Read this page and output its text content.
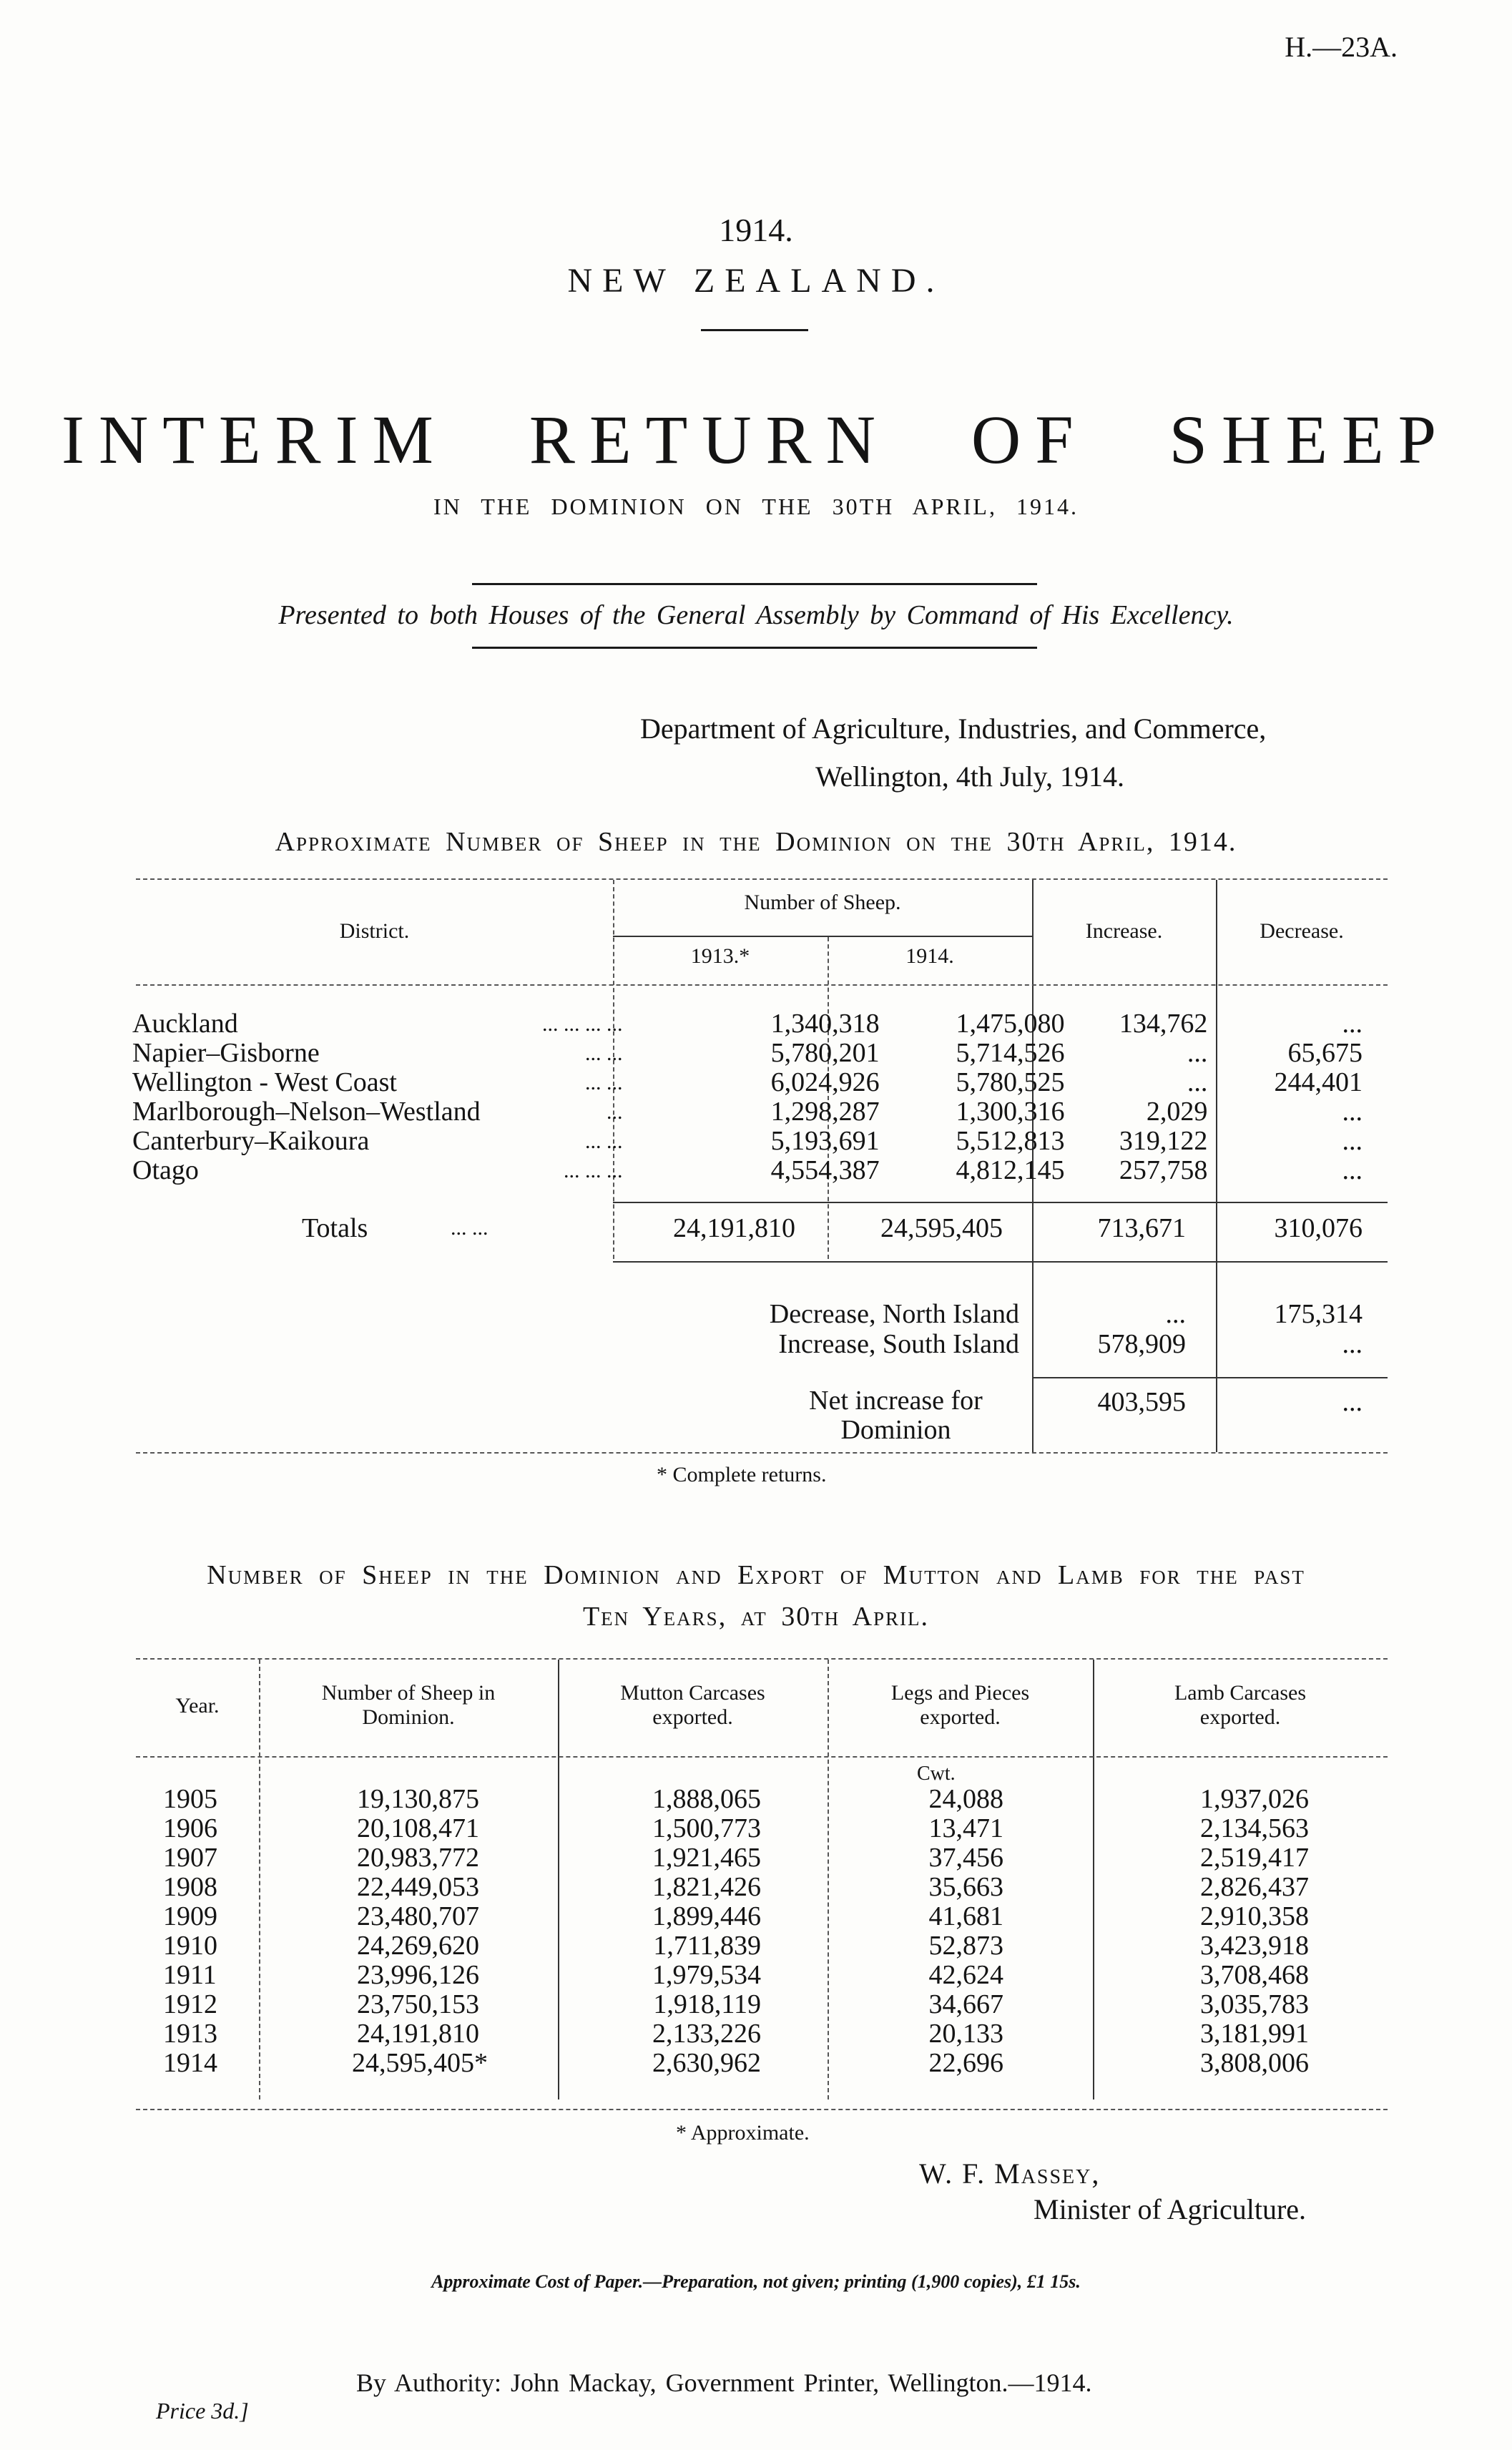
H.—23A.
1914.
NEW ZEALAND.
INTERIM RETURN OF SHEEP
IN THE DOMINION ON THE 30TH APRIL, 1914.
Presented to both Houses of the General Assembly by Command of His Excellency.
Department of Agriculture, Industries, and Commerce,
Wellington, 4th July, 1914.
Approximate Number of Sheep in the Dominion on the 30th April, 1914.
District.
Number of Sheep.
1913.*	1914.
Increase.	Decrease.
Auckland	... ... ... ...	1,340,318	1,475,080	134,762	...
Napier–Gisborne	... ...	5,780,201	5,714,526	...	65,675
Wellington - West Coast	... ...	6,024,926	5,780,525	...	244,401
Marlborough–Nelson–Westland	...	1,298,287	1,300,316	2,029	...
Canterbury–Kaikoura	... ...	5,193,691	5,512,813	319,122	...
Otago	... ... ...	4,554,387	4,812,145	257,758	...
Totals	... ...	24,191,810	24,595,405	713,671	310,076
Decrease, North Island	...	175,314
Increase, South Island	578,909	...
Net increase for
Dominion
403,595	...
* Complete returns.
Number of Sheep in the Dominion and Export of Mutton and Lamb for the past
Ten Years, at 30th April.
Year.
Number of Sheep in
Dominion.
Mutton Carcases
exported.
Legs and Pieces
exported.
Lamb Carcases
exported.
Cwt.
1905	19,130,875	1,888,065	24,088	1,937,026
1906	20,108,471	1,500,773	13,471	2,134,563
1907	20,983,772	1,921,465	37,456	2,519,417
1908	22,449,053	1,821,426	35,663	2,826,437
1909	23,480,707	1,899,446	41,681	2,910,358
1910	24,269,620	1,711,839	52,873	3,423,918
1911	23,996,126	1,979,534	42,624	3,708,468
1912	23,750,153	1,918,119	34,667	3,035,783
1913	24,191,810	2,133,226	20,133	3,181,991
1914	24,595,405*	2,630,962	22,696	3,808,006
* Approximate.
W. F. Massey,
Minister of Agriculture.
Approximate Cost of Paper.—Preparation, not given; printing (1,900 copies), £1 15s.
By Authority: John Mackay, Government Printer, Wellington.—1914.
Price 3d.]
